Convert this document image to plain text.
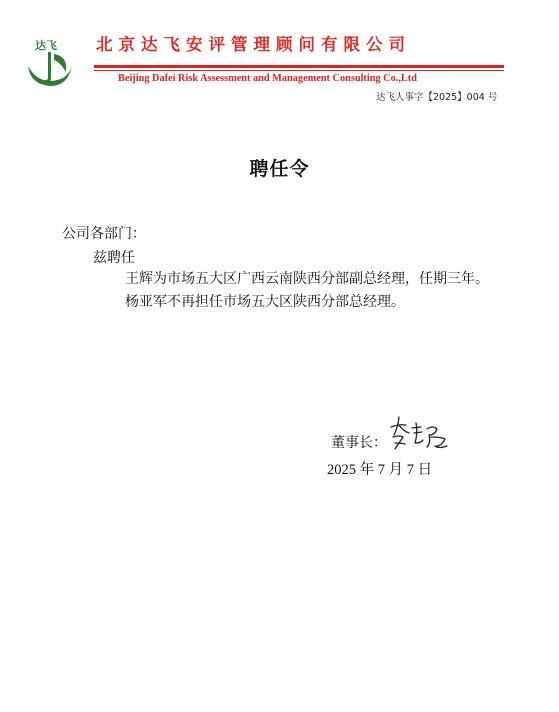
达飞 北京达飞安评管理顾问有限公司
Beijing Dafei Risk Assessment and Management Consulting Co.,Ltd
达飞人事字【2025】004 号
聘任令
公司各部门：
兹聘任
王辉为市场五大区广西云南陕西分部副总经理，任期三年。
杨亚军不再担任市场五大区陕西分部总经理。
董事长：
2025 年 7 月 7 日
